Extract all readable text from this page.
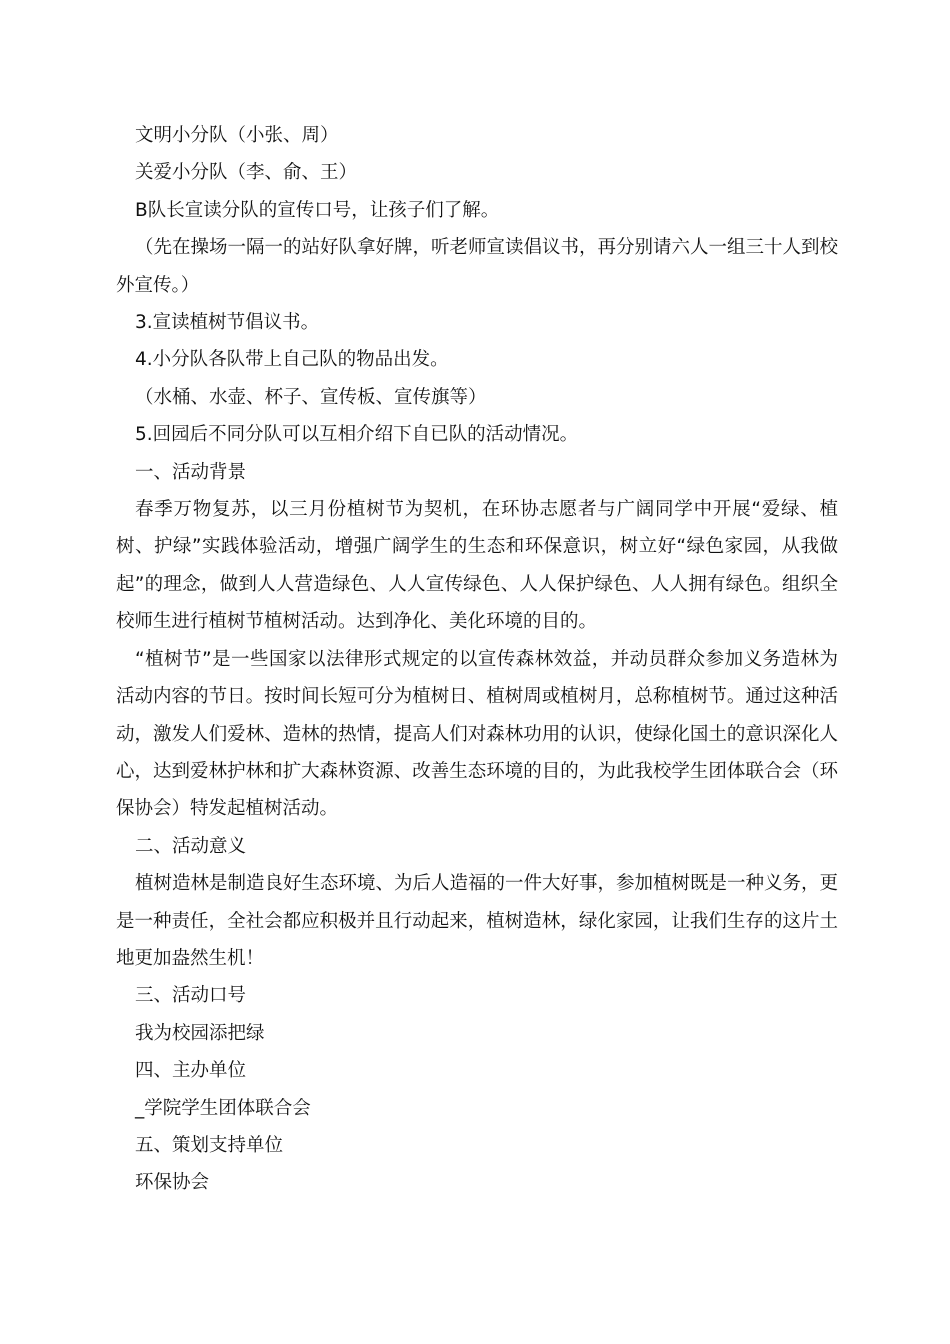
文明小分队（小张、周）

关爱小分队（李、俞、王）

B队长宣读分队的宣传口号，让孩子们了解。

（先在操场一隔一的站好队拿好牌，听老师宣读倡议书，再分别请六人一组三十人到校外宣传。）

3.宣读植树节倡议书。

4.小分队各队带上自己队的物品出发。

（水桶、水壶、杯子、宣传板、宣传旗等）

5.回园后不同分队可以互相介绍下自已队的活动情况。

一、活动背景

春季万物复苏，以三月份植树节为契机，在环协志愿者与广阔同学中开展“爱绿、植树、护绿”实践体验活动，增强广阔学生的生态和环保意识，树立好“绿色家园，从我做起”的理念，做到人人营造绿色、人人宣传绿色、人人保护绿色、人人拥有绿色。组织全校师生进行植树节植树活动。达到净化、美化环境的目的。

“植树节”是一些国家以法律形式规定的以宣传森林效益，并动员群众参加义务造林为活动内容的节日。按时间长短可分为植树日、植树周或植树月，总称植树节。通过这种活动，激发人们爱林、造林的热情，提高人们对森林功用的认识，使绿化国土的意识深化人心，达到爱林护林和扩大森林资源、改善生态环境的目的，为此我校学生团体联合会（环保协会）特发起植树活动。

二、活动意义

植树造林是制造良好生态环境、为后人造福的一件大好事，参加植树既是一种义务，更是一种责任，全社会都应积极并且行动起来，植树造林，绿化家园，让我们生存的这片土地更加盎然生机！

三、活动口号

我为校园添把绿

四、主办单位

_学院学生团体联合会

五、策划支持单位

环保协会
